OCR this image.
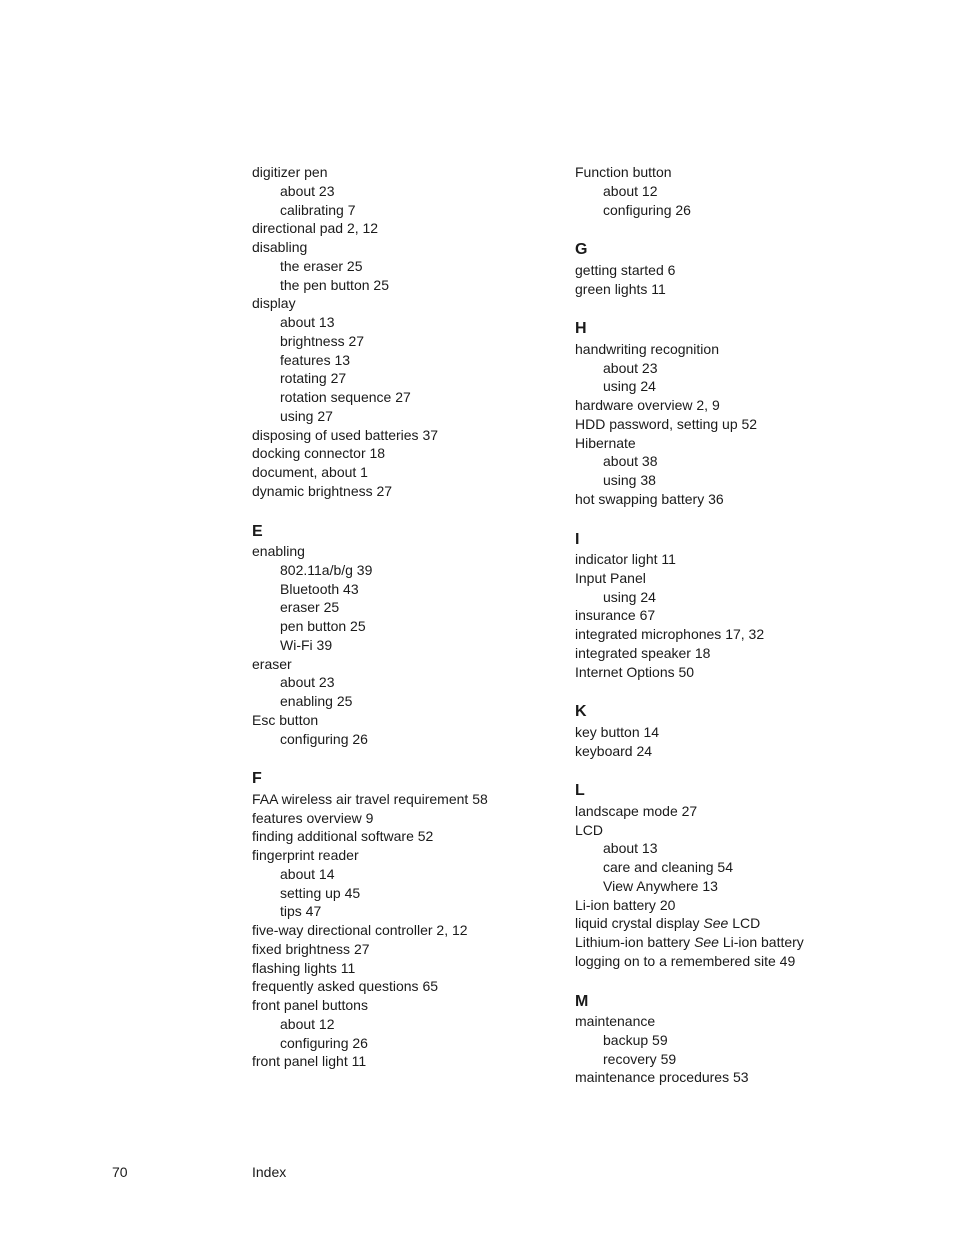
digitizer pen
about 23
calibrating 7
directional pad 2, 12
disabling
the eraser 25
the pen button 25
display
about 13
brightness 27
features 13
rotating 27
rotation sequence 27
using 27
disposing of used batteries 37
docking connector 18
document, about 1
dynamic brightness 27
E
enabling
802.11a/b/g 39
Bluetooth 43
eraser 25
pen button 25
Wi-Fi 39
eraser
about 23
enabling 25
Esc button
configuring 26
F
FAA wireless air travel requirement 58
features overview 9
finding additional software 52
fingerprint reader
about 14
setting up 45
tips 47
five-way directional controller 2, 12
fixed brightness 27
flashing lights 11
frequently asked questions 65
front panel buttons
about 12
configuring 26
front panel light 11
Function button
about 12
configuring 26
G
getting started 6
green lights 11
H
handwriting recognition
about 23
using 24
hardware overview 2, 9
HDD password, setting up 52
Hibernate
about 38
using 38
hot swapping battery 36
I
indicator light 11
Input Panel
using 24
insurance 67
integrated microphones 17, 32
integrated speaker 18
Internet Options 50
K
key button 14
keyboard 24
L
landscape mode 27
LCD
about 13
care and cleaning 54
View Anywhere 13
Li-ion battery 20
liquid crystal display See LCD
Lithium-ion battery See Li-ion battery
logging on to a remembered site 49
M
maintenance
backup 59
recovery 59
maintenance procedures 53
70	Index
